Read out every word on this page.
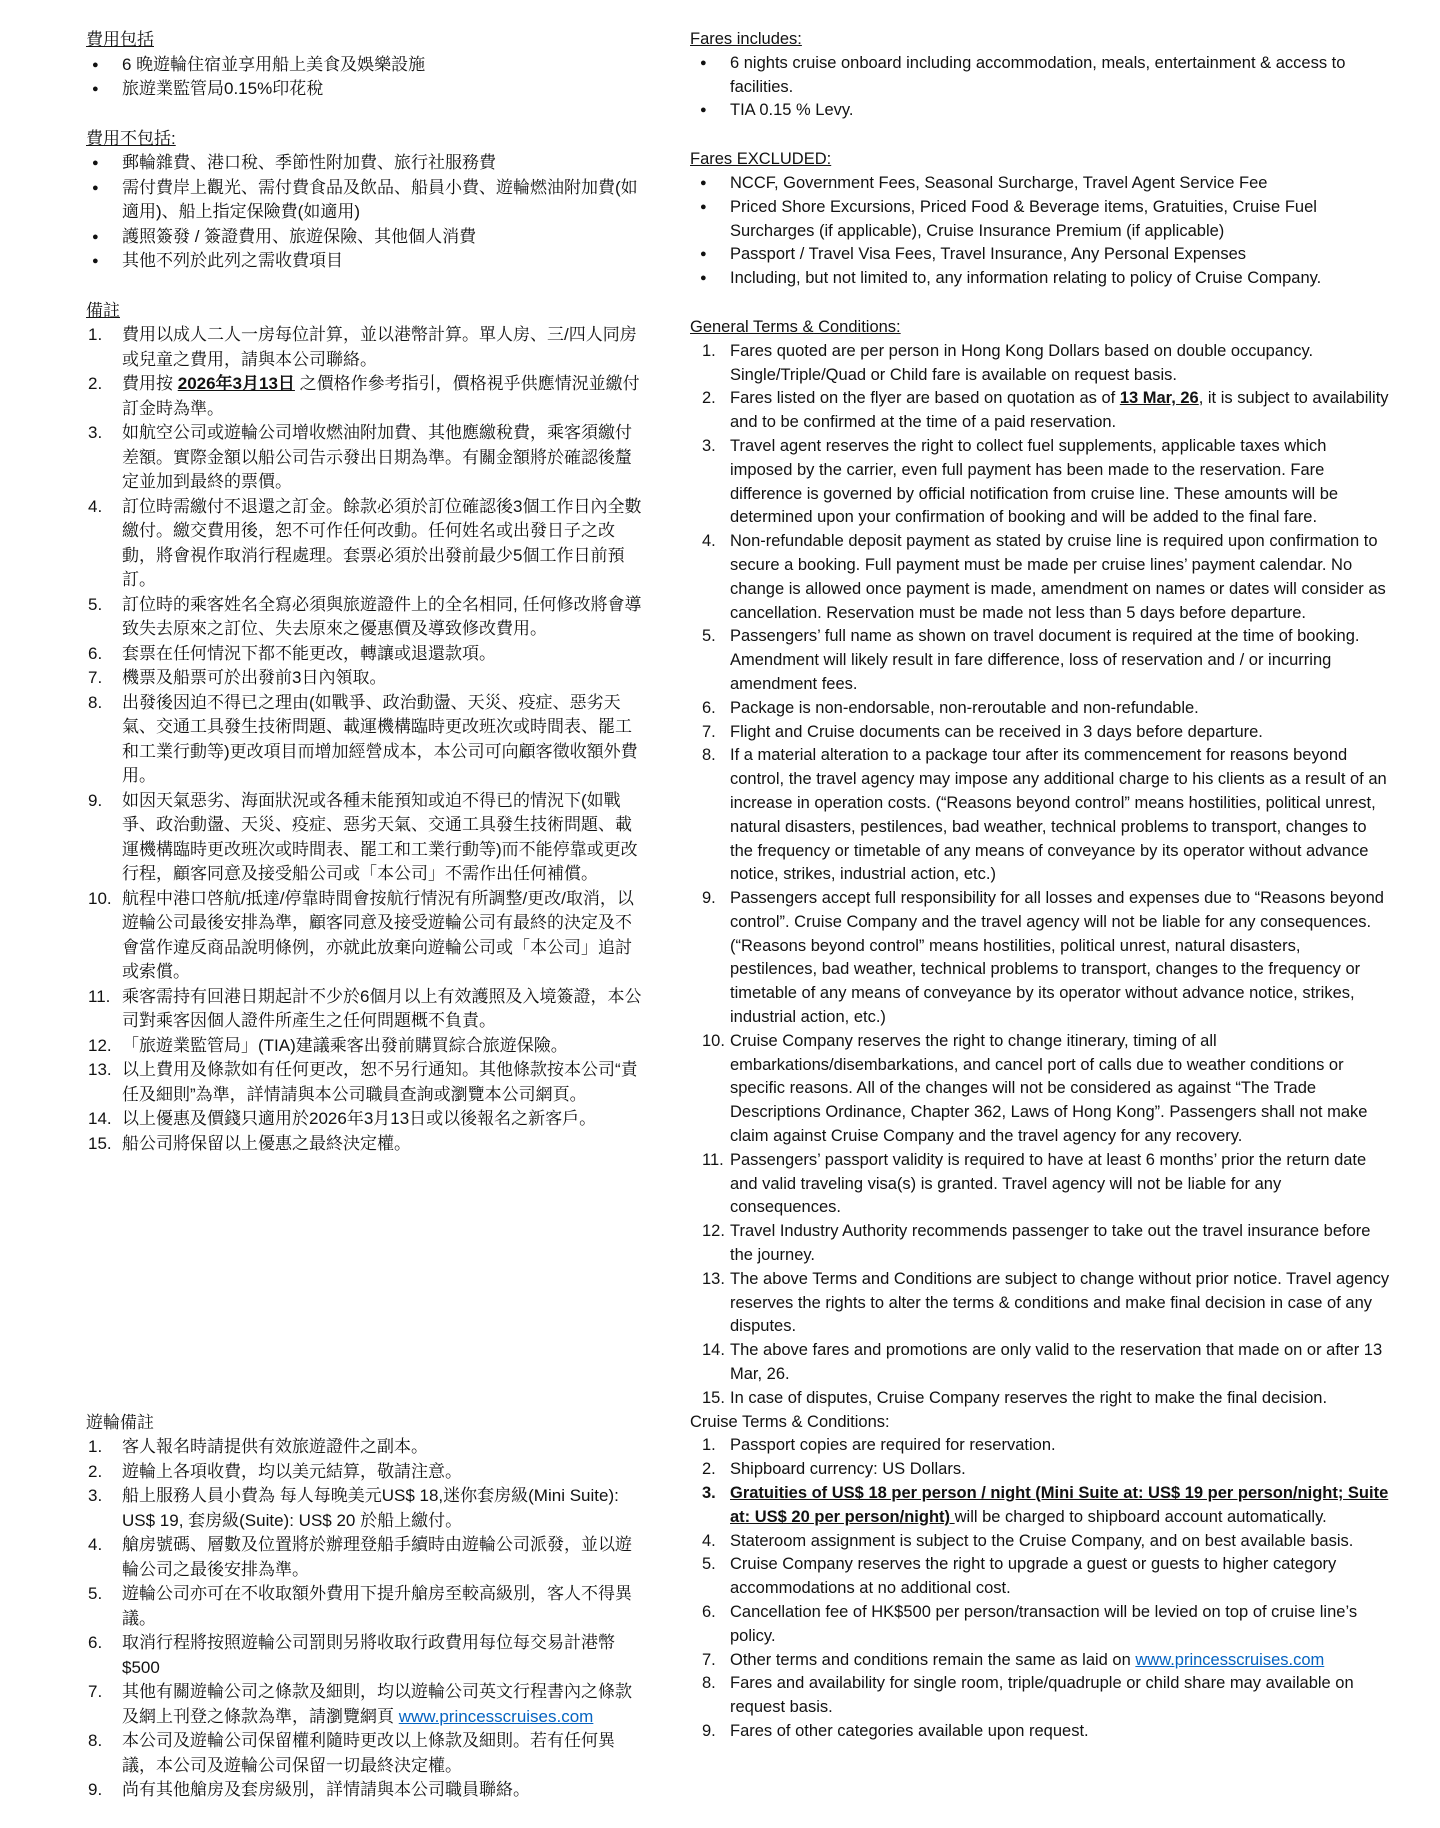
費用包括
● 6 晚遊輪住宿並享用船上美食及娛樂設施
● 旅遊業監管局0.15%印花稅
費用不包括:
● 郵輪雜費、港口稅、季節性附加費、旅行社服務費
● 需付費岸上觀光、需付費食品及飲品、船員小費、遊輪燃油附加費(如適用)、船上指定保險費(如適用)
● 護照簽發 / 簽證費用、旅遊保險、其他個人消費
● 其他不列於此列之需收費項目
備註
1. 費用以成人二人一房每位計算，並以港幣計算。單人房、三/四人同房或兒童之費用，請與本公司聯絡。
2. 費用按 2026年3月13日 之價格作參考指引，價格視乎供應情況並繳付訂金時為準。
3. 如航空公司或遊輪公司增收燃油附加費、其他應繳稅費，乘客須繳付差額。實際金額以船公司告示發出日期為準。有關金額將於確認後釐定並加到最終的票價。
4. 訂位時需繳付不退還之訂金。餘款必須於訂位確認後3個工作日內全數繳付。繳交費用後，恕不可作任何改動。任何姓名或出發日子之改動，將會視作取消行程處理。套票必須於出發前最少5個工作日前預訂。
5. 訂位時的乘客姓名全寫必須與旅遊證件上的全名相同, 任何修改將會導致失去原來之訂位、失去原來之優惠價及導致修改費用。
6. 套票在任何情況下都不能更改，轉讓或退還款項。
7. 機票及船票可於出發前3日內領取。
8. 出發後因迫不得已之理由(如戰爭、政治動盪、天災、疫症、惡劣天氣、交通工具發生技術問題、載運機構臨時更改班次或時間表、罷工和工業行動等)更改項目而增加經營成本，本公司可向顧客徵收額外費用。
9. 如因天氣惡劣、海面狀況或各種未能預知或迫不得已的情況下(如戰爭、政治動盪、天災、疫症、惡劣天氣、交通工具發生技術問題、載運機構臨時更改班次或時間表、罷工和工業行動等)而不能停靠或更改行程，顧客同意及接受船公司或「本公司」不需作出任何補償。
10. 航程中港口啓航/抵達/停靠時間會按航行情況有所調整/更改/取消，以遊輪公司最後安排為準，顧客同意及接受遊輪公司有最終的決定及不會當作違反商品說明條例，亦就此放棄向遊輪公司或「本公司」追討或索償。
11. 乘客需持有回港日期起計不少於6個月以上有效護照及入境簽證，本公司對乘客因個人證件所產生之任何問題概不負責。
12. 「旅遊業監管局」(TIA)建議乘客出發前購買綜合旅遊保險。
13. 以上費用及條款如有任何更改，恕不另行通知。其他條款按本公司“責任及細則”為準，詳情請與本公司職員查詢或瀏覽本公司網頁。
14. 以上優惠及價錢只適用於2026年3月13日或以後報名之新客戶。
15. 船公司將保留以上優惠之最終決定權。
Fares includes:
● 6 nights cruise onboard including accommodation, meals, entertainment & access to facilities.
● TIA 0.15 % Levy.
Fares EXCLUDED:
● NCCF, Government Fees, Seasonal Surcharge, Travel Agent Service Fee
● Priced Shore Excursions, Priced Food & Beverage items, Gratuities, Cruise Fuel Surcharges (if applicable), Cruise Insurance Premium (if applicable)
● Passport / Travel Visa Fees, Travel Insurance, Any Personal Expenses
● Including, but not limited to, any information relating to policy of Cruise Company.
General Terms & Conditions:
1. Fares quoted are per person in Hong Kong Dollars based on double occupancy. Single/Triple/Quad or Child fare is available on request basis.
2. Fares listed on the flyer are based on quotation as of 13 Mar, 26, it is subject to availability and to be confirmed at the time of a paid reservation.
3. Travel agent reserves the right to collect fuel supplements, applicable taxes which imposed by the carrier, even full payment has been made to the reservation. Fare difference is governed by official notification from cruise line. These amounts will be determined upon your confirmation of booking and will be added to the final fare.
4. Non-refundable deposit payment as stated by cruise line is required upon confirmation to secure a booking. Full payment must be made per cruise lines’ payment calendar. No change is allowed once payment is made, amendment on names or dates will consider as cancellation. Reservation must be made not less than 5 days before departure.
5. Passengers’ full name as shown on travel document is required at the time of booking. Amendment will likely result in fare difference, loss of reservation and / or incurring amendment fees.
6. Package is non-endorsable, non-reroutable and non-refundable.
7. Flight and Cruise documents can be received in 3 days before departure.
8. If a material alteration to a package tour after its commencement for reasons beyond control, the travel agency may impose any additional charge to his clients as a result of an increase in operation costs. (“Reasons beyond control” means hostilities, political unrest, natural disasters, pestilences, bad weather, technical problems to transport, changes to the frequency or timetable of any means of conveyance by its operator without advance notice, strikes, industrial action, etc.)
9. Passengers accept full responsibility for all losses and expenses due to “Reasons beyond control”. Cruise Company and the travel agency will not be liable for any consequences. (“Reasons beyond control” means hostilities, political unrest, natural disasters, pestilences, bad weather, technical problems to transport, changes to the frequency or timetable of any means of conveyance by its operator without advance notice, strikes, industrial action, etc.)
10. Cruise Company reserves the right to change itinerary, timing of all embarkations/disembarkations, and cancel port of calls due to weather conditions or specific reasons. All of the changes will not be considered as against “The Trade Descriptions Ordinance, Chapter 362, Laws of Hong Kong”. Passengers shall not make claim against Cruise Company and the travel agency for any recovery.
11. Passengers’ passport validity is required to have at least 6 months’ prior the return date and valid traveling visa(s) is granted. Travel agency will not be liable for any consequences.
12. Travel Industry Authority recommends passenger to take out the travel insurance before the journey.
13. The above Terms and Conditions are subject to change without prior notice. Travel agency reserves the rights to alter the terms & conditions and make final decision in case of any disputes.
14. The above fares and promotions are only valid to the reservation that made on or after 13 Mar, 26.
15. In case of disputes, Cruise Company reserves the right to make the final decision.
遊輪備註
1. 客人報名時請提供有效旅遊證件之副本。
2. 遊輪上各項收費，均以美元結算，敬請注意。
3. 船上服務人員小費為 每人每晚美元US$ 18,迷你套房級(Mini Suite): US$ 19, 套房級(Suite): US$ 20 於船上繳付。
4. 艙房號碼、層數及位置將於辦理登船手續時由遊輪公司派發，並以遊輪公司之最後安排為準。
5. 遊輪公司亦可在不收取額外費用下提升艙房至較高級別，客人不得異議。
6. 取消行程將按照遊輪公司罰則另將收取行政費用每位每交易計港幣$500
7. 其他有關遊輪公司之條款及細則，均以遊輪公司英文行程書內之條款及網上刊登之條款為準，請瀏覽網頁 www.princesscruises.com
8. 本公司及遊輪公司保留權利隨時更改以上條款及細則。若有任何異議，本公司及遊輪公司保留一切最終決定權。
9. 尚有其他艙房及套房級別，詳情請與本公司職員聯絡。
Cruise Terms & Conditions:
1. Passport copies are required for reservation.
2. Shipboard currency: US Dollars.
3. Gratuities of US$ 18 per person / night (Mini Suite at: US$ 19 per person/night; Suite at: US$ 20 per person/night) will be charged to shipboard account automatically.
4. Stateroom assignment is subject to the Cruise Company, and on best available basis.
5. Cruise Company reserves the right to upgrade a guest or guests to higher category accommodations at no additional cost.
6. Cancellation fee of HK$500 per person/transaction will be levied on top of cruise line’s policy.
7. Other terms and conditions remain the same as laid on www.princesscruises.com
8. Fares and availability for single room, triple/quadruple or child share may available on request basis.
9. Fares of other categories available upon request.
